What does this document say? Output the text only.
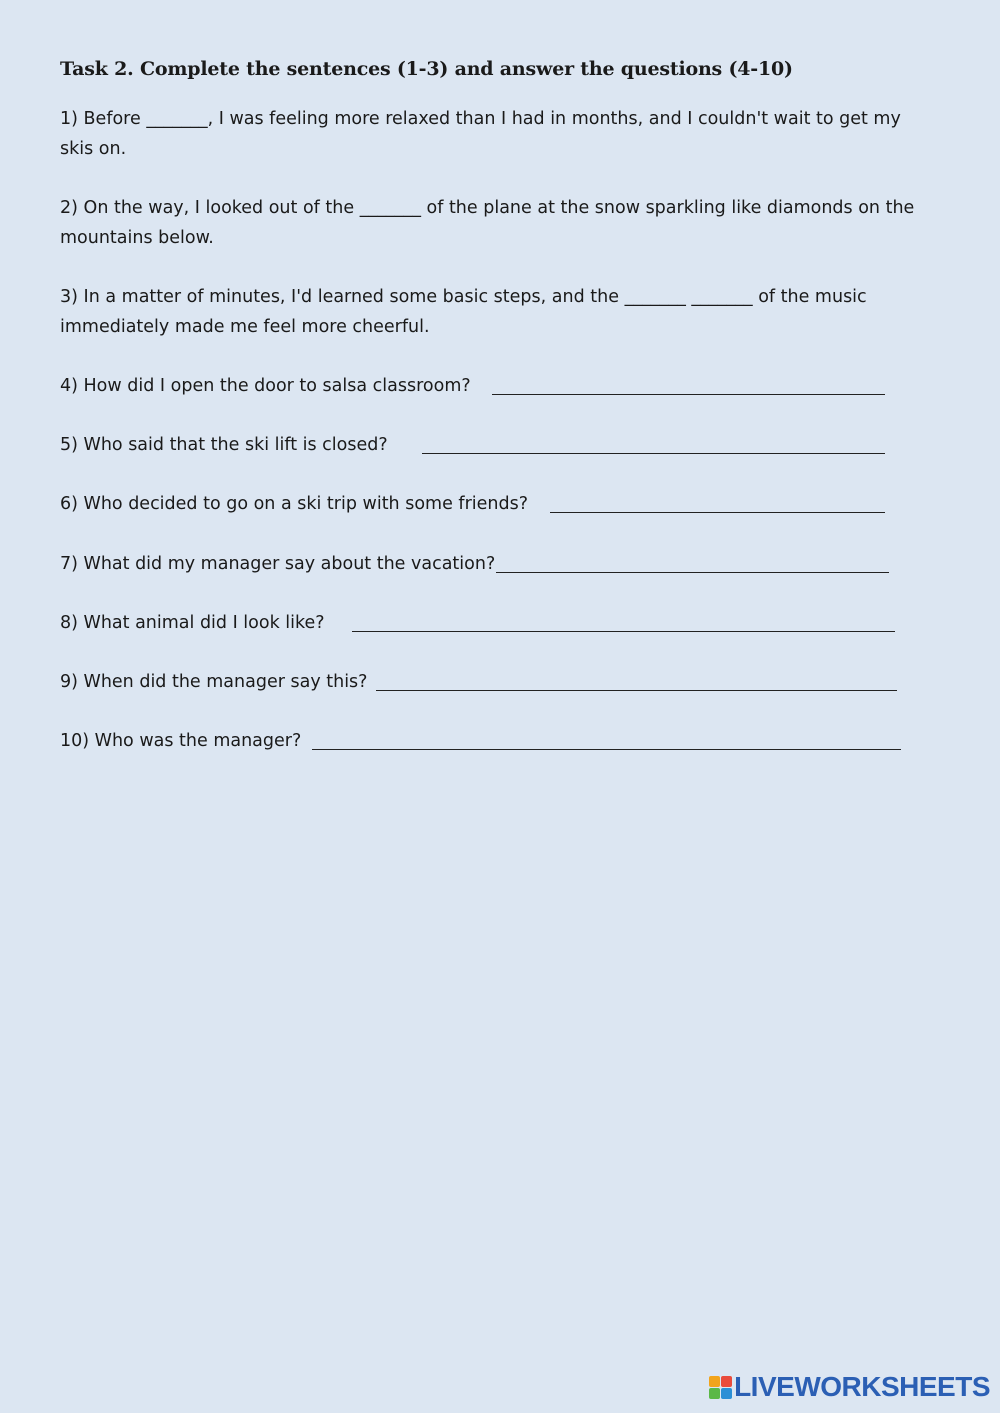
Task 2. Complete the sentences (1-3) and answer the questions (4-10)

1) Before _______, I was feeling more relaxed than I had in months, and I couldn't wait to get my skis on.

2) On the way, I looked out of the _______ of the plane at the snow sparkling like diamonds on the mountains below.

3) In a matter of minutes, I'd learned some basic steps, and the _______ _______ of the music immediately made me feel more cheerful.

4) How did I open the door to salsa classroom?
5) Who said that the ski lift is closed?
6) Who decided to go on a ski trip with some friends?
7) What did my manager say about the vacation?
8) What animal did I look like?
9) When did the manager say this?
10) Who was the manager?
LIVEWORKSHEETS
